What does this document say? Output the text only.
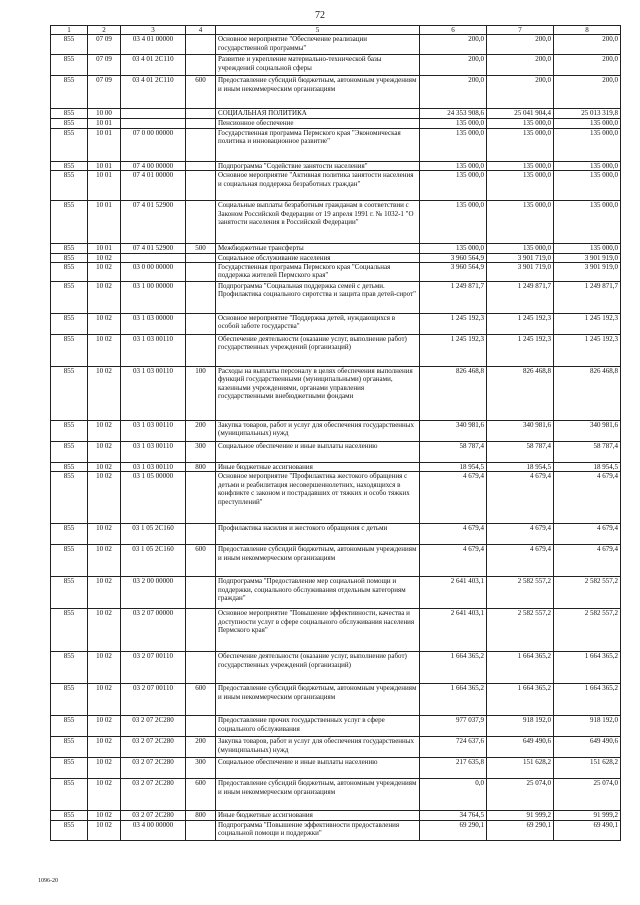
72
1	2	3	4	5	6	7	8
855	07 09	03 4 01 00000		Основное мероприятие "Обеспечение реализации государственной программы"	200,0	200,0	200,0
855	07 09	03 4 01 2C110		Развитие и укрепление материально-технической базы учреждений социальной сферы	200,0	200,0	200,0
855	07 09	03 4 01 2C110	600	Предоставление субсидий бюджетным, автономным учреждениям и иным некоммерческим организациям	200,0	200,0	200,0
855	10 00			СОЦИАЛЬНАЯ ПОЛИТИКА	24 353 908,6	25 041 904,4	25 013 319,8
855	10 01			Пенсионное обеспечение	135 000,0	135 000,0	135 000,0
855	10 01	07 0 00 00000		Государственная программа Пермского края "Экономическая политика и инновационное развитие"	135 000,0	135 000,0	135 000,0
855	10 01	07 4 00 00000		Подпрограмма "Содействие занятости населения"	135 000,0	135 000,0	135 000,0
855	10 01	07 4 01 00000		Основное мероприятие "Активная политика занятости населения и социальная поддержка безработных граждан"	135 000,0	135 000,0	135 000,0
855	10 01	07 4 01 52900		Социальные выплаты безработным гражданам в соответствии с Законом Российской Федерации от 19 апреля 1991 г. № 1032-1 "О занятости населения в Российской Федерации"	135 000,0	135 000,0	135 000,0
855	10 01	07 4 01 52900	500	Межбюджетные трансферты	135 000,0	135 000,0	135 000,0
855	10 02			Социальное обслуживание населения	3 960 564,9	3 901 719,0	3 901 919,0
855	10 02	03 0 00 00000		Государственная программа Пермского края "Социальная поддержка жителей Пермского края"	3 960 564,9	3 901 719,0	3 901 919,0
855	10 02	03 1 00 00000		Подпрограмма "Социальная поддержка семей с детьми. Профилактика социального сиротства и защита прав детей-сирот"	1 249 871,7	1 249 871,7	1 249 871,7
855	10 02	03 1 03 00000		Основное мероприятие "Поддержка детей, нуждающихся в особой заботе государства"	1 245 192,3	1 245 192,3	1 245 192,3
855	10 02	03 1 03 00110		Обеспечение деятельности (оказание услуг, выполнение работ) государственных учреждений (организаций)	1 245 192,3	1 245 192,3	1 245 192,3
855	10 02	03 1 03 00110	100	Расходы на выплаты персоналу в целях обеспечения выполнения функций государственными (муниципальными) органами, казенными учреждениями, органами управления государственными внебюджетными фондами	826 468,8	826 468,8	826 468,8
855	10 02	03 1 03 00110	200	Закупка товаров, работ и услуг для обеспечения государственных (муниципальных) нужд	340 981,6	340 981,6	340 981,6
855	10 02	03 1 03 00110	300	Социальное обеспечение и иные выплаты населению	58 787,4	58 787,4	58 787,4
855	10 02	03 1 03 00110	800	Иные бюджетные ассигнования	18 954,5	18 954,5	18 954,5
855	10 02	03 1 05 00000		Основное мероприятие "Профилактика жестокого обращения с детьми и реабилитация несовершеннолетних, находящихся в конфликте с законом и пострадавших от тяжких и особо тяжких преступлений"	4 679,4	4 679,4	4 679,4
855	10 02	03 1 05 2C160		Профилактика насилия и жестокого обращения с детьми	4 679,4	4 679,4	4 679,4
855	10 02	03 1 05 2C160	600	Предоставление субсидий бюджетным, автономным учреждениям и иным некоммерческим организациям	4 679,4	4 679,4	4 679,4
855	10 02	03 2 00 00000		Подпрограмма "Предоставление мер социальной помощи и поддержки, социального обслуживания отдельным категориям граждан"	2 641 403,1	2 582 557,2	2 582 557,2
855	10 02	03 2 07 00000		Основное мероприятие "Повышение эффективности, качества и доступности услуг в сфере социального обслуживания населения Пермского края"	2 641 403,1	2 582 557,2	2 582 557,2
855	10 02	03 2 07 00110		Обеспечение деятельности (оказание услуг, выполнение работ) государственных учреждений (организаций)	1 664 365,2	1 664 365,2	1 664 365,2
855	10 02	03 2 07 00110	600	Предоставление субсидий бюджетным, автономным учреждениям и иным некоммерческим организациям	1 664 365,2	1 664 365,2	1 664 365,2
855	10 02	03 2 07 2C280		Предоставление прочих государственных услуг в сфере социального обслуживания	977 037,9	918 192,0	918 192,0
855	10 02	03 2 07 2C280	200	Закупка товаров, работ и услуг для обеспечения государственных (муниципальных) нужд	724 637,6	649 490,6	649 490,6
855	10 02	03 2 07 2C280	300	Социальное обеспечение и иные выплаты населению	217 635,8	151 628,2	151 628,2
855	10 02	03 2 07 2C280	600	Предоставление субсидий бюджетным, автономным учреждениям и иным некоммерческим организациям	0,0	25 074,0	25 074,0
855	10 02	03 2 07 2C280	800	Иные бюджетные ассигнования	34 764,5	91 999,2	91 999,2
855	10 02	03 4 00 00000		Подпрограмма "Повышение эффективности предоставления социальной помощи и поддержки"	69 290,1	69 290,1	69 490,1
1096-20
